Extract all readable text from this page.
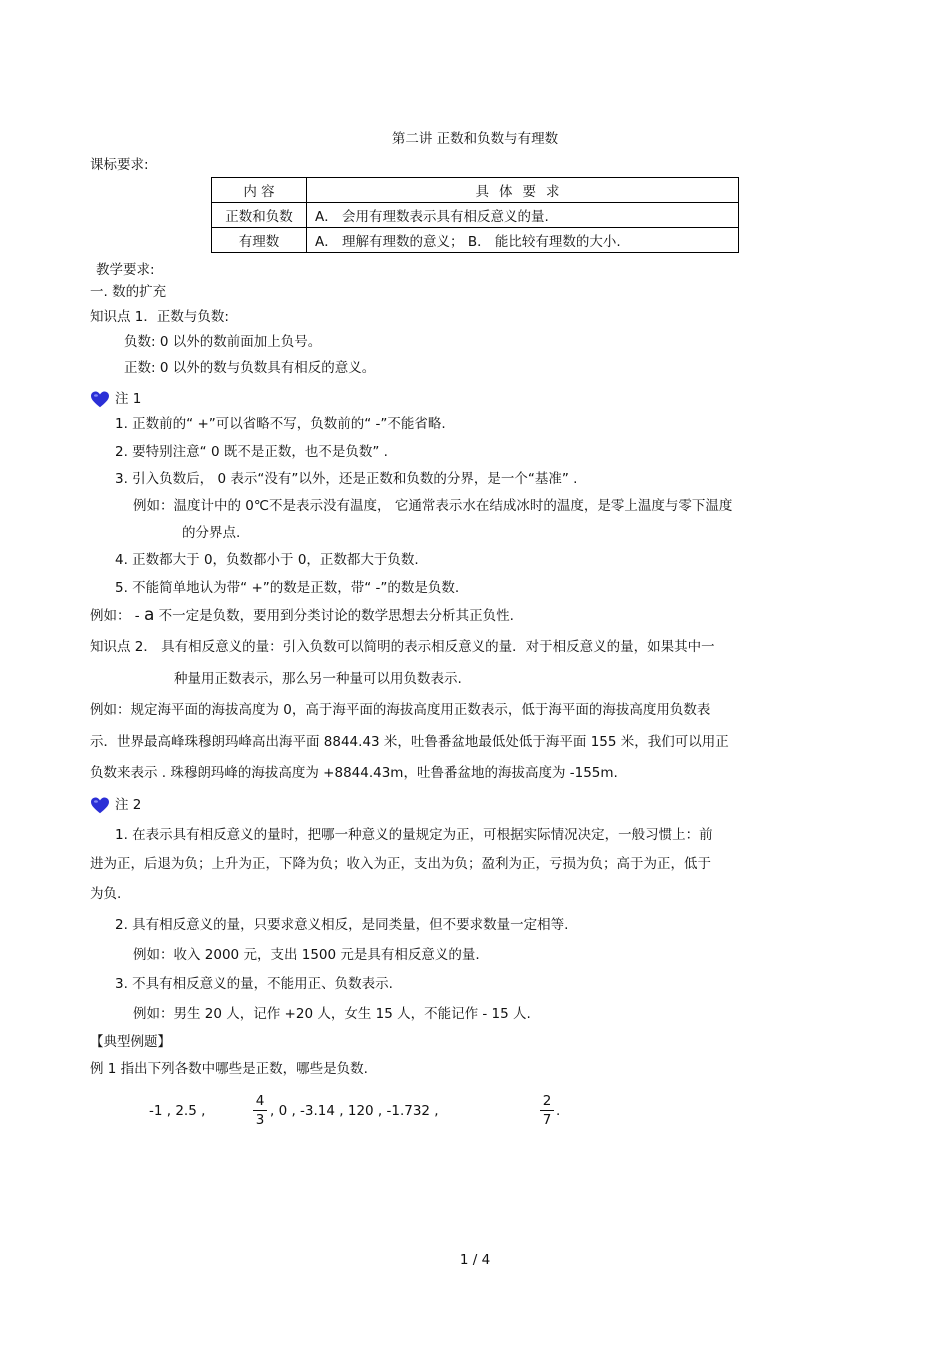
第二讲 正数和负数与有理数
课标要求:
内 容	具体要求
正数和负数	A． 会用有理数表示具有相反意义的量.
有理数	A． 理解有理数的意义； B． 能比较有理数的大小.
教学要求:
一. 数的扩充
知识点 1．正数与负数:
负数: 0 以外的数前面加上负号。
正数: 0 以外的数与负数具有相反的意义。
注 1
1. 正数前的“ +”可以省略不写，负数前的“ -”不能省略.
2. 要特别注意“ 0 既不是正数，也不是负数” .
3. 引入负数后， 0 表示“没有”以外，还是正数和负数的分界，是一个“基准” .
例如：温度计中的 0℃不是表示没有温度， 它通常表示水在结成冰时的温度，是零上温度与零下温度
的分界点.
4. 正数都大于 0，负数都小于 0，正数都大于负数.
5. 不能简单地认为带“ +”的数是正数，带“ -”的数是负数.
例如： - a 不一定是负数，要用到分类讨论的数学思想去分析其正负性.
知识点 2． 具有相反意义的量：引入负数可以简明的表示相反意义的量．对于相反意义的量，如果其中一
种量用正数表示，那么另一种量可以用负数表示.
例如：规定海平面的海拔高度为 0，高于海平面的海拔高度用正数表示，低于海平面的海拔高度用负数表
示．世界最高峰珠穆朗玛峰高出海平面 8844.43 米，吐鲁番盆地最低处低于海平面 155 米，我们可以用正
负数来表示 . 珠穆朗玛峰的海拔高度为 +8844.43m，吐鲁番盆地的海拔高度为 -155m.
注 2
1. 在表示具有相反意义的量时，把哪一种意义的量规定为正，可根据实际情况决定，一般习惯上：前
进为正，后退为负；上升为正，下降为负；收入为正，支出为负；盈利为正，亏损为负；高于为正，低于
为负.
2. 具有相反意义的量，只要求意义相反，是同类量，但不要求数量一定相等.
例如：收入 2000 元，支出 1500 元是具有相反意义的量.
3. 不具有相反意义的量，不能用正、负数表示.
例如：男生 20 人，记作 +20 人，女生 15 人，不能记作 - 15 人.
【典型例题】
例 1 指出下列各数中哪些是正数，哪些是负数.
-1 , 2.5 ,
4
3
, 0 , -3.14 , 120 , -1.732 ,
2
7
.
1 / 4
